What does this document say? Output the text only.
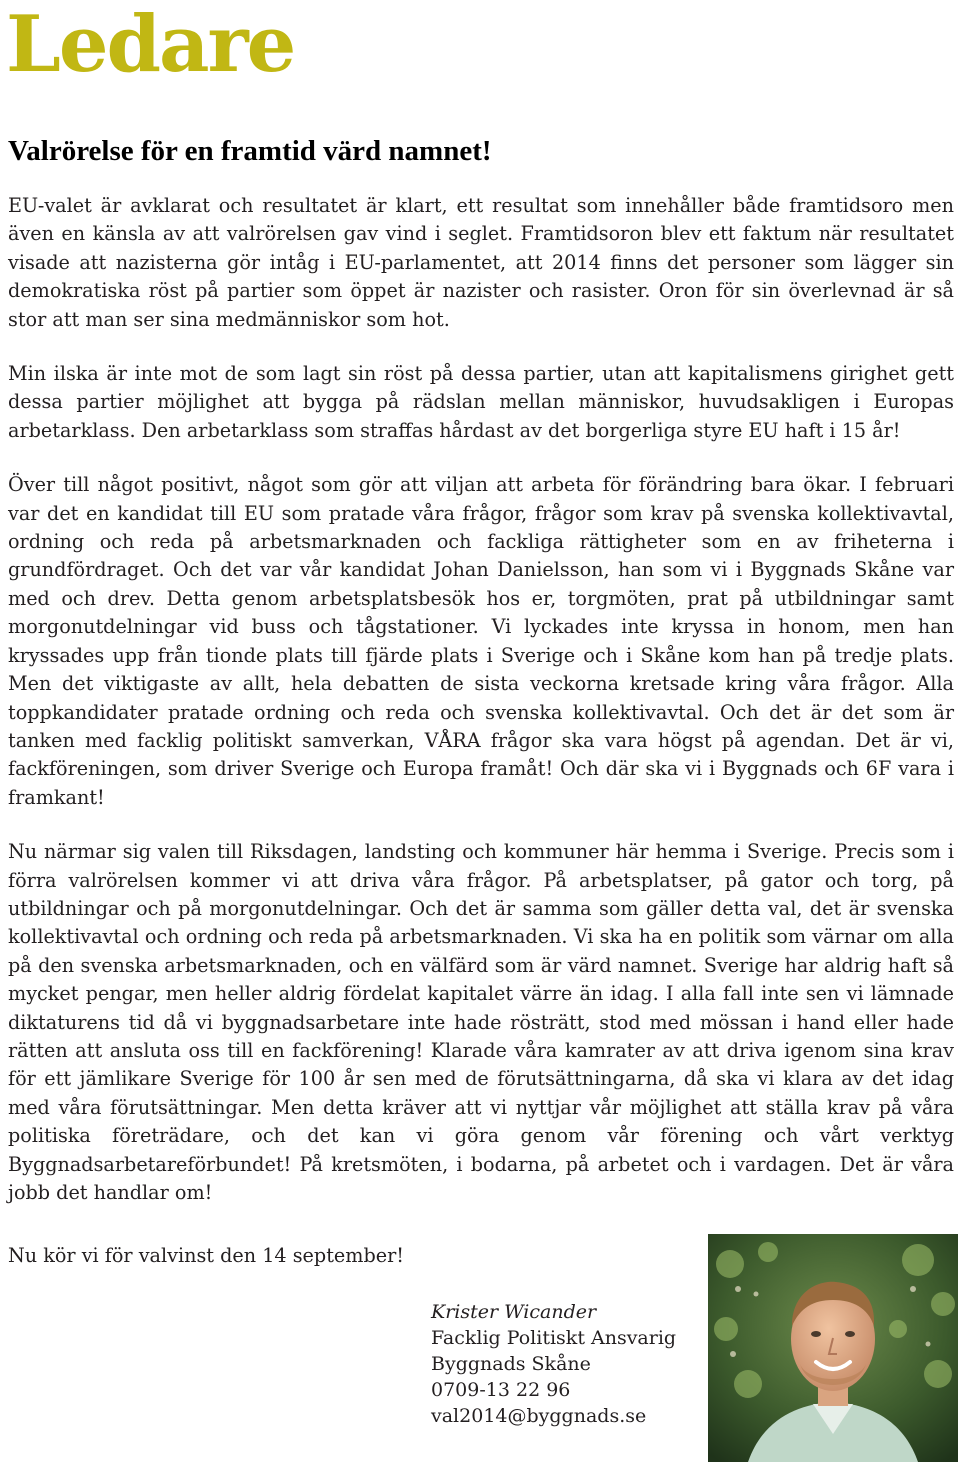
Ledare
Valrörelse för en framtid värd namnet!

EU-valet är avklarat och resultatet är klart, ett resultat som innehåller både framtidsoro men även en känsla av att valrörelsen gav vind i seglet. Framtidsoron blev ett faktum när resultatet visade att nazisterna gör intåg i EU-parlamentet, att 2014 finns det personer som lägger sin demokratiska röst på partier som öppet är nazister och rasister. Oron för sin överlevnad är så stor att man ser sina medmänniskor som hot.

Min ilska är inte mot de som lagt sin röst på dessa partier, utan att kapitalismens girighet gett dessa partier möjlighet att bygga på rädslan mellan människor, huvudsakligen i Europas arbetarklass. Den arbetarklass som straffas hårdast av det borgerliga styre EU haft i 15 år!

Över till något positivt, något som gör att viljan att arbeta för förändring bara ökar. I februari var det en kandidat till EU som pratade våra frågor, frågor som krav på svenska kollektivavtal, ordning och reda på arbetsmarknaden och fackliga rättigheter som en av friheterna i grundfördraget. Och det var vår kandidat Johan Danielsson, han som vi i Byggnads Skåne var med och drev. Detta genom arbetsplatsbesök hos er, torgmöten, prat på utbildningar samt morgonutdelningar vid buss och tågstationer. Vi lyckades inte kryssa in honom, men han kryssades upp från tionde plats till fjärde plats i Sverige och i Skåne kom han på tredje plats. Men det viktigaste av allt, hela debatten de sista veckorna kretsade kring våra frågor. Alla toppkandidater pratade ordning och reda och svenska kollektivavtal. Och det är det som är tanken med facklig politiskt samverkan, VÅRA frågor ska vara högst på agendan. Det är vi, fackföreningen, som driver Sverige och Europa framåt! Och där ska vi i Byggnads och 6F vara i framkant!

Nu närmar sig valen till Riksdagen, landsting och kommuner här hemma i Sverige. Precis som i förra valrörelsen kommer vi att driva våra frågor. På arbetsplatser, på gator och torg, på utbildningar och på morgonutdelningar. Och det är samma som gäller detta val, det är svenska kollektivavtal och ordning och reda på arbetsmarknaden. Vi ska ha en politik som värnar om alla på den svenska arbetsmarknaden, och en välfärd som är värd namnet. Sverige har aldrig haft så mycket pengar, men heller aldrig fördelat kapitalet värre än idag. I alla fall inte sen vi lämnade diktaturens tid då vi byggnadsarbetare inte hade rösträtt, stod med mössan i hand eller hade rätten att ansluta oss till en fackförening! Klarade våra kamrater av att driva igenom sina krav för ett jämlikare Sverige för 100 år sen med de förutsättningarna, då ska vi klara av det idag med våra förutsättningar. Men detta kräver att vi nyttjar vår möjlighet att ställa krav på våra politiska företrädare, och det kan vi göra genom vår förening och vårt verktyg Byggnadsarbetareförbundet! På kretsmöten, i bodarna, på arbetet och i vardagen. Det är våra jobb det handlar om!

Nu kör vi för valvinst den 14 september!
Krister Wicander
Facklig Politiskt Ansvarig
Byggnads Skåne
0709-13 22 96
val2014@byggnads.se
